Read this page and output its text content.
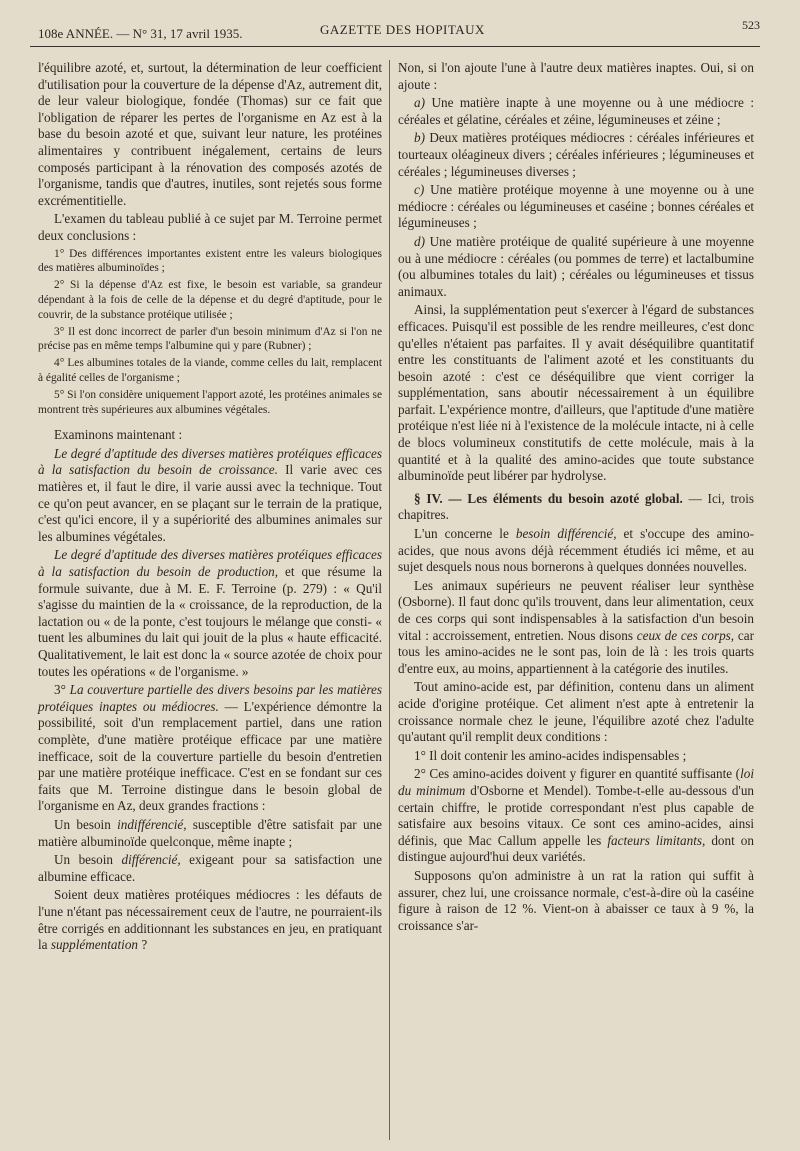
108e ANNÉE. — N° 31, 17 avril 1935.	GAZETTE DES HOPITAUX	523

l'équilibre azoté, et, surtout, la détermination de leur coefficient d'utilisation pour la couverture de la dépense d'Az, autrement dit, de leur valeur biologique, fondée (Thomas) sur ce fait que l'obligation de réparer les pertes de l'organisme en Az est à la base du besoin azoté et que, suivant leur nature, les protéines alimentaires y contribuent inégalement, certains de leurs composés participant à la rénovation des composés azotés de l'organisme, tandis que d'autres, inutiles, sont rejetés sous forme excrémentitielle.

L'examen du tableau publié à ce sujet par M. Terroine permet deux conclusions :

1° Des différences importantes existent entre les valeurs biologiques des matières albuminoïdes ;

2° Si la dépense d'Az est fixe, le besoin est variable, sa grandeur dépendant à la fois de celle de la dépense et du degré d'aptitude, pour le couvrir, de la substance protéique utilisée ;

3° Il est donc incorrect de parler d'un besoin minimum d'Az si l'on ne précise pas en même temps l'albumine qui y pare (Rubner) ;

4° Les albumines totales de la viande, comme celles du lait, remplacent à égalité celles de l'organisme ;

5° Si l'on considère uniquement l'apport azoté, les protéines animales se montrent très supérieures aux albumines végétales.

Examinons maintenant :

Le degré d'aptitude des diverses matières protéiques efficaces à la satisfaction du besoin de croissance. Il varie avec ces matières et, il faut le dire, il varie aussi avec la technique. Tout ce qu'on peut avancer, en se plaçant sur le terrain de la pratique, c'est qu'ici encore, il y a supériorité des albumines animales sur les albumines végétales.

Le degré d'aptitude des diverses matières protéiques efficaces à la satisfaction du besoin de production, et que résume la formule suivante, due à M. E. F. Terroine (p. 279) : « Qu'il s'agisse du maintien de la « croissance, de la reproduction, de la lactation ou « de la ponte, c'est toujours le mélange que consti- « tuent les albumines du lait qui jouit de la plus « haute efficacité. Qualitativement, le lait est donc la « source azotée de choix pour toutes les opérations « de l'organisme. »

3° La couverture partielle des divers besoins par les matières protéiques inaptes ou médiocres. — L'expérience démontre la possibilité, soit d'un remplacement partiel, dans une ration complète, d'une matière protéique efficace par une matière inefficace, soit de la couverture partielle du besoin d'entretien par une matière protéique inefficace. C'est en se fondant sur ces faits que M. Terroine distingue dans le besoin global de l'organisme en Az, deux grandes fractions :

Un besoin indifférencié, susceptible d'être satisfait par une matière albuminoïde quelconque, même inapte ;

Un besoin différencié, exigeant pour sa satisfaction une albumine efficace.

Soient deux matières protéiques médiocres : les défauts de l'une n'étant pas nécessairement ceux de l'autre, ne pourraient-ils être corrigés en additionnant les substances en jeu, en pratiquant la supplémentation ?

Non, si l'on ajoute l'une à l'autre deux matières inaptes. Oui, si on ajoute :

a) Une matière inapte à une moyenne ou à une médiocre : céréales et gélatine, céréales et zéine, légumineuses et zéine ;

b) Deux matières protéiques médiocres : céréales inférieures et tourteaux oléagineux divers ; céréales inférieures ; légumineuses et céréales ; légumineuses diverses ;

c) Une matière protéique moyenne à une moyenne ou à une médiocre : céréales ou légumineuses et caséine ; bonnes céréales et légumineuses ;

d) Une matière protéique de qualité supérieure à une moyenne ou à une médiocre : céréales (ou pommes de terre) et lactalbumine (ou albumines totales du lait) ; céréales ou légumineuses et tissus animaux.

Ainsi, la supplémentation peut s'exercer à l'égard de substances efficaces. Puisqu'il est possible de les rendre meilleures, c'est donc qu'elles n'étaient pas parfaites. Il y avait déséquilibre quantitatif entre les constituants de l'aliment azoté et les constituants du besoin azoté : c'est ce déséquilibre que vient corriger la supplémentation, sans aboutir nécessairement à un équilibre parfait. L'expérience montre, d'ailleurs, que l'aptitude d'une matière protéique n'est liée ni à l'existence de la molécule intacte, ni à celle de blocs volumineux constitutifs de cette molécule, mais à la quantité et à la qualité des amino-acides que toute substance albuminoïde peut libérer par hydrolyse.

§ IV. — Les éléments du besoin azoté global. — Ici, trois chapitres.

L'un concerne le besoin différencié, et s'occupe des amino-acides, que nous avons déjà récemment étudiés ici même, et au sujet desquels nous nous bornerons à quelques données nouvelles.

Les animaux supérieurs ne peuvent réaliser leur synthèse (Osborne). Il faut donc qu'ils trouvent, dans leur alimentation, ceux de ces corps qui sont indispensables à la satisfaction d'un besoin vital : accroissement, entretien. Nous disons ceux de ces corps, car tous les amino-acides ne le sont pas, loin de là : les trois quarts d'entre eux, au moins, appartiennent à la catégorie des inutiles.

Tout amino-acide est, par définition, contenu dans un aliment acide d'origine protéique. Cet aliment n'est apte à entretenir la croissance normale chez le jeune, l'équilibre azoté chez l'adulte qu'autant qu'il remplit deux conditions :

1° Il doit contenir les amino-acides indispensables ;

2° Ces amino-acides doivent y figurer en quantité suffisante (loi du minimum d'Osborne et Mendel). Tombe-t-elle au-dessous d'un certain chiffre, le protide correspondant n'est plus capable de satisfaire aux besoins vitaux. Ce sont ces amino-acides, ainsi définis, que Mac Callum appelle les facteurs limitants, dont on distingue aujourd'hui deux variétés.

Supposons qu'on administre à un rat la ration qui suffit à assurer, chez lui, une croissance normale, c'est-à-dire où la caséine figure à raison de 12 %. Vient-on à abaisser ce taux à 9 %, la croissance s'ar-
